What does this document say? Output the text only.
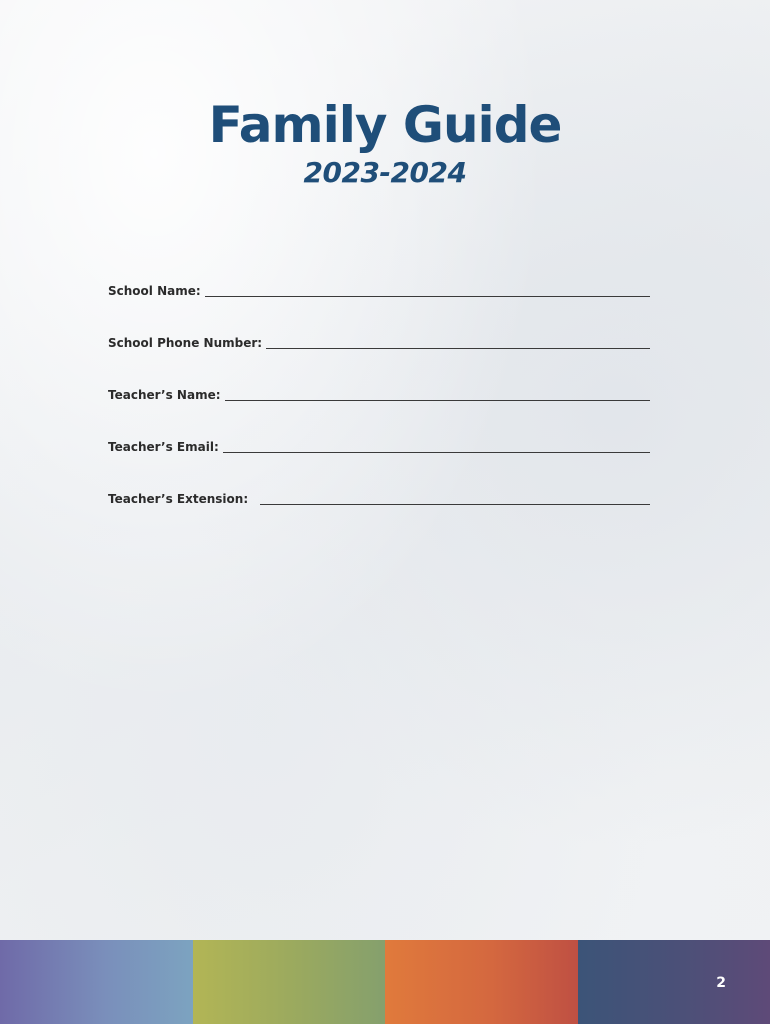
Family Guide
2023-2024
School Name:
School Phone Number:
Teacher’s Name:
Teacher’s Email:
Teacher’s Extension:
2
